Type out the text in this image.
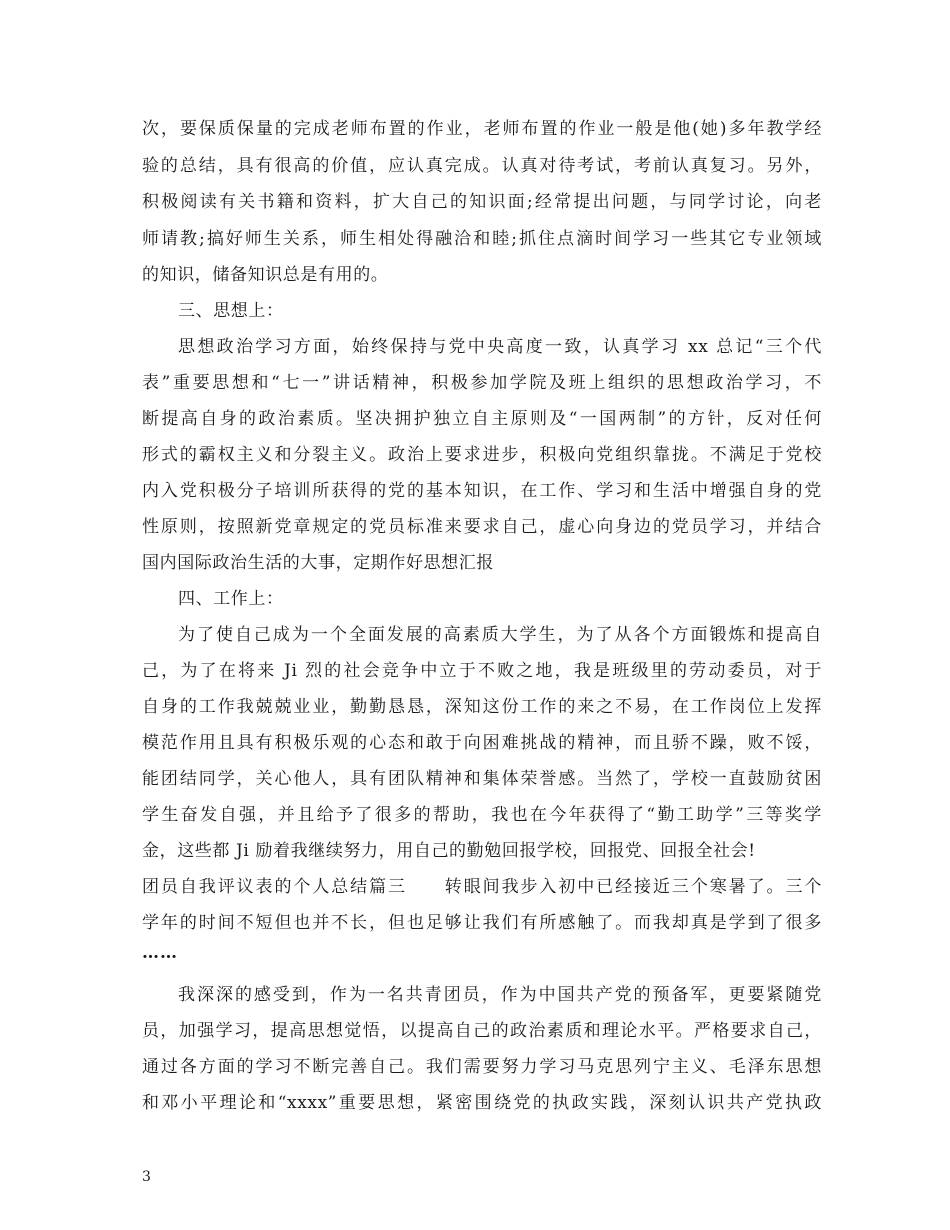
次，要保质保量的完成老师布置的作业，老师布置的作业一般是他(她)多年教学经
验的总结，具有很高的价值，应认真完成。认真对待考试，考前认真复习。另外，
积极阅读有关书籍和资料，扩大自己的知识面;经常提出问题，与同学讨论，向老
师请教;搞好师生关系，师生相处得融洽和睦;抓住点滴时间学习一些其它专业领域
的知识，储备知识总是有用的。
三、思想上：
思想政治学习方面，始终保持与党中央高度一致，认真学习 xx 总记“三个代
表”重要思想和“七一”讲话精神，积极参加学院及班上组织的思想政治学习，不
断提高自身的政治素质。坚决拥护独立自主原则及“一国两制”的方针，反对任何
形式的霸权主义和分裂主义。政治上要求进步，积极向党组织靠拢。不满足于党校
内入党积极分子培训所获得的党的基本知识，在工作、学习和生活中增强自身的党
性原则，按照新党章规定的党员标准来要求自己，虚心向身边的党员学习，并结合
国内国际政治生活的大事，定期作好思想汇报
四、工作上：
为了使自己成为一个全面发展的高素质大学生，为了从各个方面锻炼和提高自
己，为了在将来 Ji 烈的社会竞争中立于不败之地，我是班级里的劳动委员，对于
自身的工作我兢兢业业，勤勤恳恳，深知这份工作的来之不易，在工作岗位上发挥
模范作用且具有积极乐观的心态和敢于向困难挑战的精神，而且骄不躁，败不馁，
能团结同学，关心他人，具有团队精神和集体荣誉感。当然了，学校一直鼓励贫困
学生奋发自强，并且给予了很多的帮助，我也在今年获得了“勤工助学”三等奖学
金，这些都 Ji 励着我继续努力，用自己的勤勉回报学校，回报党、回报全社会!
团员自我评议表的个人总结篇三　　转眼间我步入初中已经接近三个寒暑了。三个
学年的时间不短但也并不长，但也足够让我们有所感触了。而我却真是学到了很多
……
我深深的感受到，作为一名共青团员，作为中国共产党的预备军，更要紧随党
员，加强学习，提高思想觉悟，以提高自己的政治素质和理论水平。严格要求自己，
通过各方面的学习不断完善自己。我们需要努力学习马克思列宁主义、毛泽东思想
和邓小平理论和“xxxx”重要思想，紧密围绕党的执政实践，深刻认识共产党执政
3
